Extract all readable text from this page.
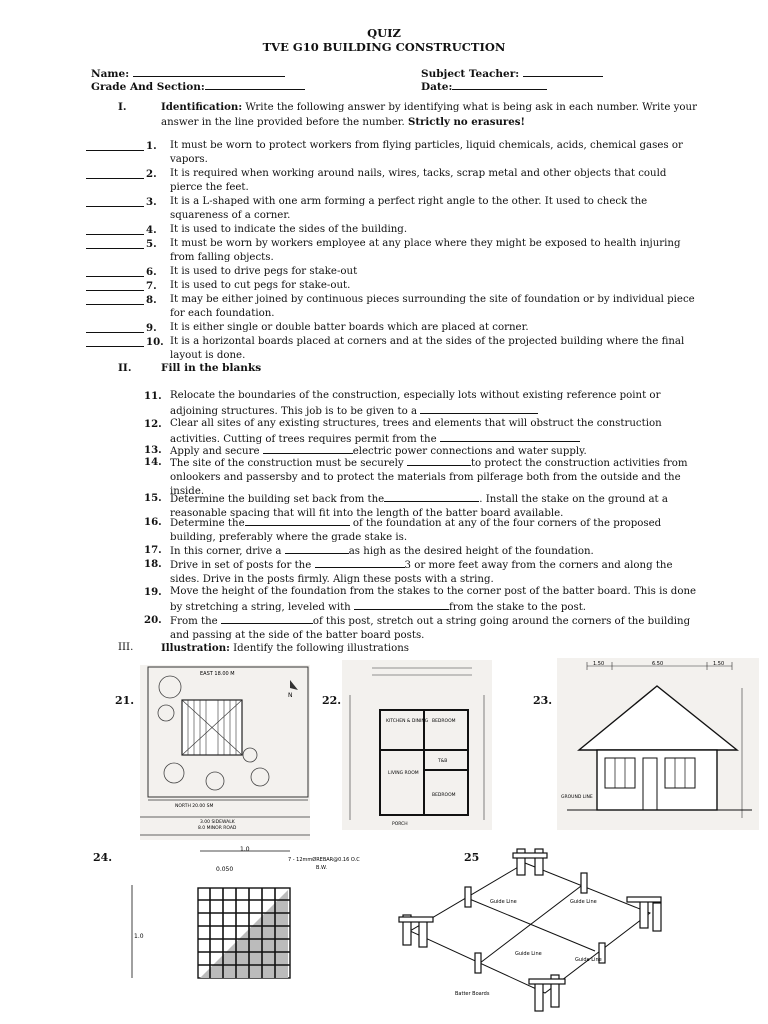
QUIZ
TVE G10 BUILDING CONSTRUCTION
Name:
Grade And Section:
Subject Teacher:
Date:
I.	Identification: Write the following answer by identifying what is being ask in each number. Write your answer in the line provided before the number. Strictly no erasures!
1. It must be worn to protect workers from flying particles, liquid chemicals, acids, chemical gases or vapors.
2. It is required when working around nails, wires, tacks, scrap metal and other objects that could pierce the feet.
3. It is a L-shaped with one arm forming a perfect right angle to the other. It used to check the squareness of a corner.
4. It is used to indicate the sides of the building.
5. It must be worn by workers employee at any place where they might be exposed to health injuring from falling objects.
6. It is used to drive pegs for stake-out
7. It is used to cut pegs for stake-out.
8. It may be either joined by continuous pieces surrounding the site of foundation or by individual piece for each foundation.
9. It is either single or double batter boards which are placed at corner.
10. It is a horizontal boards placed at corners and at the sides of the projected building where the final layout is done.
II.	Fill in the blanks
11. Relocate the boundaries of the construction, especially lots without existing reference point or adjoining structures. This job is to be given to a
12. Clear all sites of any existing structures, trees and elements that will obstruct the construction activities. Cutting of trees requires permit from the
13. Apply and secure	electric power connections and water supply.
14. The site of the construction must be securely	to protect the construction activities from onlookers and passersby and to protect the materials from pilferage both from the outside and the inside.
15. Determine the building set back from the	. Install the stake on the ground at a reasonable spacing that will fit into the length of the batter board available.
16. Determine the	of the foundation at any of the four corners of the proposed building, preferably where the grade stake is.
17. In this corner, drive a	as high as the desired height of the foundation.
18. Drive in set of posts for the	3 or more feet away from the corners and along the sides. Drive in the posts firmly. Align these posts with a string.
19. Move the height of the foundation from the stakes to the corner post of the batter board. This is done by stretching a string, leveled with	from the stake to the post.
20. From the	of this post, stretch out a string going around the corners of the building and passing at the side of the batter board posts.
III.	Illustration: Identify the following illustrations
21.	22.	23.
24.	25
EAST 18.00 M
N
NORTH 20.00 SM
3.00 SIDEWALK
8.0 MINOR ROAD
KITCHEN & DINING BEDROOM
LIVING ROOM
T&B
BEDROOM
PORCH
1.50	6.50	1.50
GROUND LINE
1.0
0.050
7 - 12mmØREBAR@0.16 O.C
B.W.
1.0
Guide Line	Guide Line
Guide Line
Guide Line
Batter Boards
